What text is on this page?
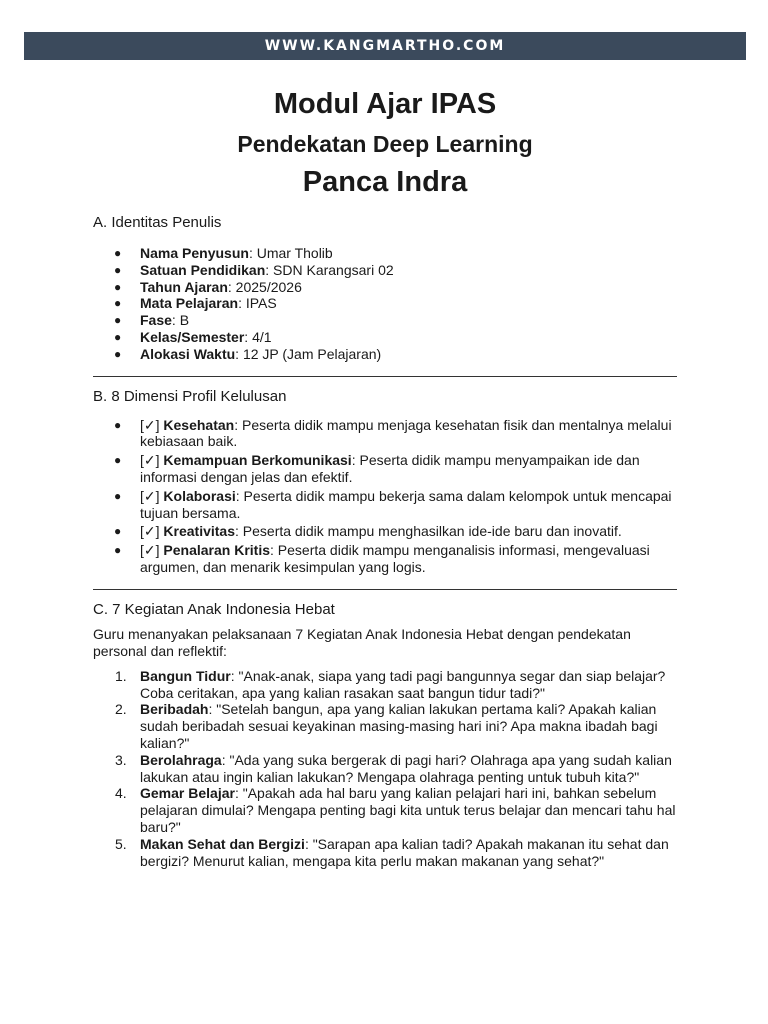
WWW.KANGMARTHO.COM
Modul Ajar IPAS
Pendekatan Deep Learning
Panca Indra
A. Identitas Penulis
● Nama Penyusun: Umar Tholib
● Satuan Pendidikan: SDN Karangsari 02
● Tahun Ajaran: 2025/2026
● Mata Pelajaran: IPAS
● Fase: B
● Kelas/Semester: 4/1
● Alokasi Waktu: 12 JP (Jam Pelajaran)
B. 8 Dimensi Profil Kelulusan
● [✓] Kesehatan: Peserta didik mampu menjaga kesehatan fisik dan mentalnya melalui kebiasaan baik.
● [✓] Kemampuan Berkomunikasi: Peserta didik mampu menyampaikan ide dan informasi dengan jelas dan efektif.
● [✓] Kolaborasi: Peserta didik mampu bekerja sama dalam kelompok untuk mencapai tujuan bersama.
● [✓] Kreativitas: Peserta didik mampu menghasilkan ide-ide baru dan inovatif.
● [✓] Penalaran Kritis: Peserta didik mampu menganalisis informasi, mengevaluasi argumen, dan menarik kesimpulan yang logis.
C. 7 Kegiatan Anak Indonesia Hebat

Guru menanyakan pelaksanaan 7 Kegiatan Anak Indonesia Hebat dengan pendekatan personal dan reflektif:

1. Bangun Tidur: "Anak-anak, siapa yang tadi pagi bangunnya segar dan siap belajar? Coba ceritakan, apa yang kalian rasakan saat bangun tidur tadi?"
2. Beribadah: "Setelah bangun, apa yang kalian lakukan pertama kali? Apakah kalian sudah beribadah sesuai keyakinan masing-masing hari ini? Apa makna ibadah bagi kalian?"
3. Berolahraga: "Ada yang suka bergerak di pagi hari? Olahraga apa yang sudah kalian lakukan atau ingin kalian lakukan? Mengapa olahraga penting untuk tubuh kita?"
4. Gemar Belajar: "Apakah ada hal baru yang kalian pelajari hari ini, bahkan sebelum pelajaran dimulai? Mengapa penting bagi kita untuk terus belajar dan mencari tahu hal baru?"
5. Makan Sehat dan Bergizi: "Sarapan apa kalian tadi? Apakah makanan itu sehat dan bergizi? Menurut kalian, mengapa kita perlu makan makanan yang sehat?"
